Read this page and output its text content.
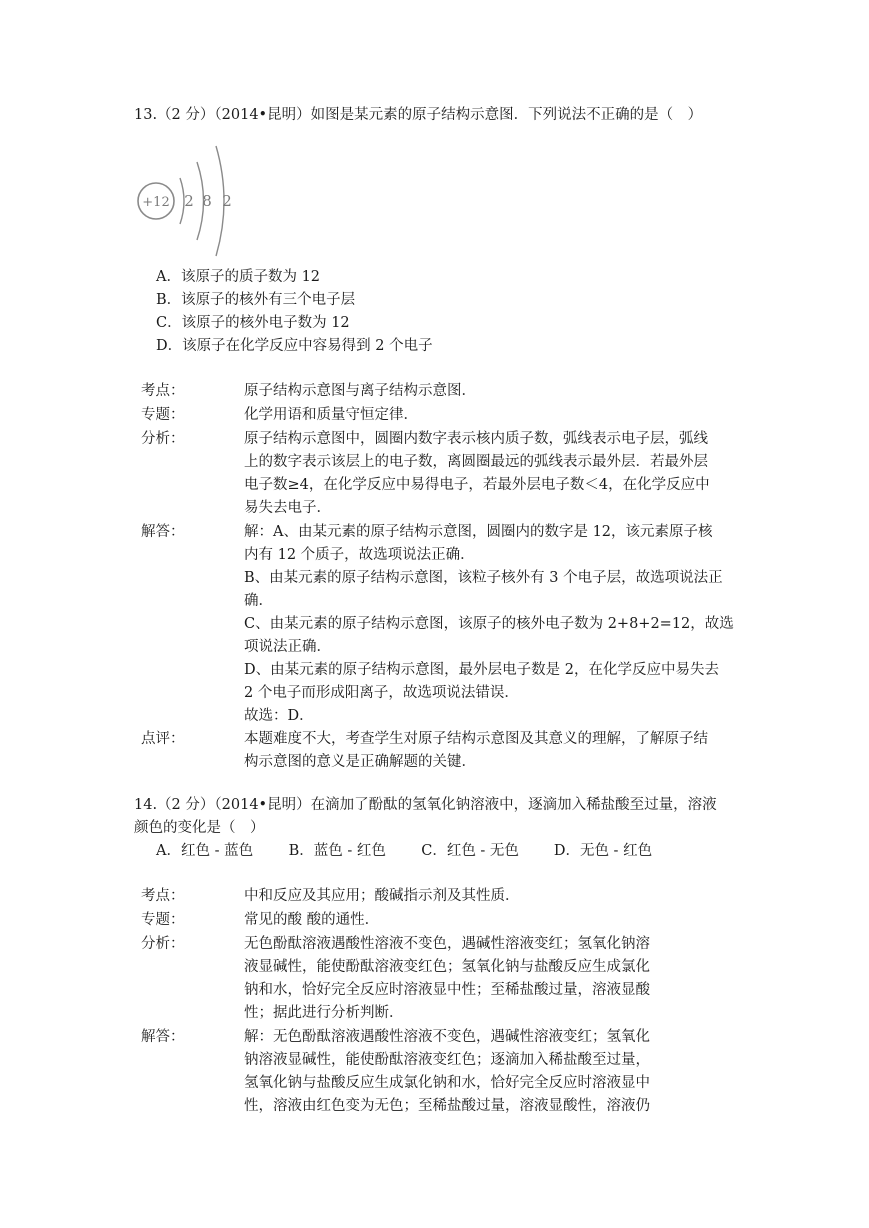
13.（2 分）（2014•昆明）如图是某元素的原子结构示意图．下列说法不正确的是（　）
+12 2 8 2
A．该原子的质子数为 12
B．该原子的核外有三个电子层
C．该原子的核外电子数为 12
D．该原子在化学反应中容易得到 2 个电子
考点：	原子结构示意图与离子结构示意图．
专题：	化学用语和质量守恒定律．
分析：	原子结构示意图中，圆圈内数字表示核内质子数，弧线表示电子层，弧线
上的数字表示该层上的电子数，离圆圈最远的弧线表示最外层．若最外层
电子数≥4，在化学反应中易得电子，若最外层电子数＜4，在化学反应中
易失去电子．
解答：	解：A、由某元素的原子结构示意图，圆圈内的数字是 12，该元素原子核
内有 12 个质子，故选项说法正确．
B、由某元素的原子结构示意图，该粒子核外有 3 个电子层，故选项说法正
确．
C、由某元素的原子结构示意图，该原子的核外电子数为 2+8+2=12，故选
项说法正确．
D、由某元素的原子结构示意图，最外层电子数是 2，在化学反应中易失去
2 个电子而形成阳离子，故选项说法错误．
故选：D．
点评：	本题难度不大，考查学生对原子结构示意图及其意义的理解，了解原子结
构示意图的意义是正确解题的关键．
14.（2 分）（2014•昆明）在滴加了酚酞的氢氧化钠溶液中，逐滴加入稀盐酸至过量，溶液
颜色的变化是（　）
A．红色 - 蓝色 B．蓝色 - 红色 C．红色 - 无色 D．无色 - 红色
考点：	中和反应及其应用；酸碱指示剂及其性质．
专题：	常见的酸 酸的通性．
分析：	无色酚酞溶液遇酸性溶液不变色，遇碱性溶液变红；氢氧化钠溶
液显碱性，能使酚酞溶液变红色；氢氧化钠与盐酸反应生成氯化
钠和水，恰好完全反应时溶液显中性；至稀盐酸过量，溶液显酸
性；据此进行分析判断．
解答：	解：无色酚酞溶液遇酸性溶液不变色，遇碱性溶液变红；氢氧化
钠溶液显碱性，能使酚酞溶液变红色；逐滴加入稀盐酸至过量，
氢氧化钠与盐酸反应生成氯化钠和水，恰好完全反应时溶液显中
性，溶液由红色变为无色；至稀盐酸过量，溶液显酸性，溶液仍
